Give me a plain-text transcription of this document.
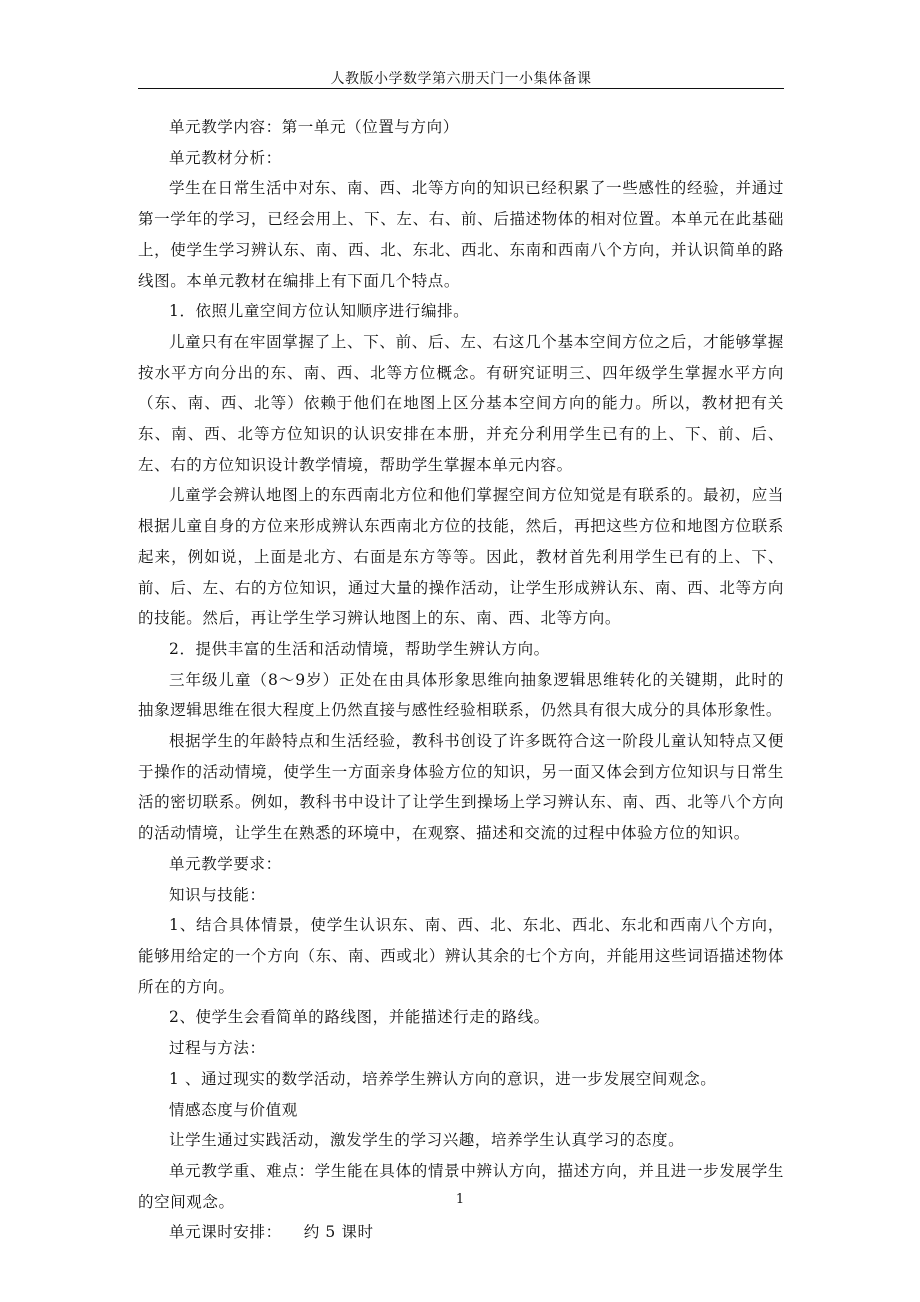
人教版小学数学第六册天门一小集体备课

单元教学内容：第一单元（位置与方向）

单元教材分析：

学生在日常生活中对东、南、西、北等方向的知识已经积累了一些感性的经验，并通过第一学年的学习，已经会用上、下、左、右、前、后描述物体的相对位置。本单元在此基础上，使学生学习辨认东、南、西、北、东北、西北、东南和西南八个方向，并认识简单的路线图。本单元教材在编排上有下面几个特点。

1．依照儿童空间方位认知顺序进行编排。

儿童只有在牢固掌握了上、下、前、后、左、右这几个基本空间方位之后，才能够掌握按水平方向分出的东、南、西、北等方位概念。有研究证明三、四年级学生掌握水平方向（东、南、西、北等）依赖于他们在地图上区分基本空间方向的能力。所以，教材把有关东、南、西、北等方位知识的认识安排在本册，并充分利用学生已有的上、下、前、后、左、右的方位知识设计教学情境，帮助学生掌握本单元内容。

儿童学会辨认地图上的东西南北方位和他们掌握空间方位知觉是有联系的。最初，应当根据儿童自身的方位来形成辨认东西南北方位的技能，然后，再把这些方位和地图方位联系起来，例如说，上面是北方、右面是东方等等。因此，教材首先利用学生已有的上、下、前、后、左、右的方位知识，通过大量的操作活动，让学生形成辨认东、南、西、北等方向的技能。然后，再让学生学习辨认地图上的东、南、西、北等方向。

2．提供丰富的生活和活动情境，帮助学生辨认方向。

三年级儿童（8～9岁）正处在由具体形象思维向抽象逻辑思维转化的关键期，此时的抽象逻辑思维在很大程度上仍然直接与感性经验相联系，仍然具有很大成分的具体形象性。

根据学生的年龄特点和生活经验，教科书创设了许多既符合这一阶段儿童认知特点又便于操作的活动情境，使学生一方面亲身体验方位的知识，另一面又体会到方位知识与日常生活的密切联系。例如，教科书中设计了让学生到操场上学习辨认东、南、西、北等八个方向的活动情境，让学生在熟悉的环境中，在观察、描述和交流的过程中体验方位的知识。

单元教学要求：

知识与技能：

1、结合具体情景，使学生认识东、南、西、北、东北、西北、东北和西南八个方向，能够用给定的一个方向（东、南、西或北）辨认其余的七个方向，并能用这些词语描述物体所在的方向。

2、使学生会看简单的路线图，并能描述行走的路线。

过程与方法：

1 、通过现实的数学活动，培养学生辨认方向的意识，进一步发展空间观念。

情感态度与价值观

让学生通过实践活动，激发学生的学习兴趣，培养学生认真学习的态度。

单元教学重、难点：学生能在具体的情景中辨认方向，描述方向，并且进一步发展学生的空间观念。

单元课时安排：    约 5 课时

1
